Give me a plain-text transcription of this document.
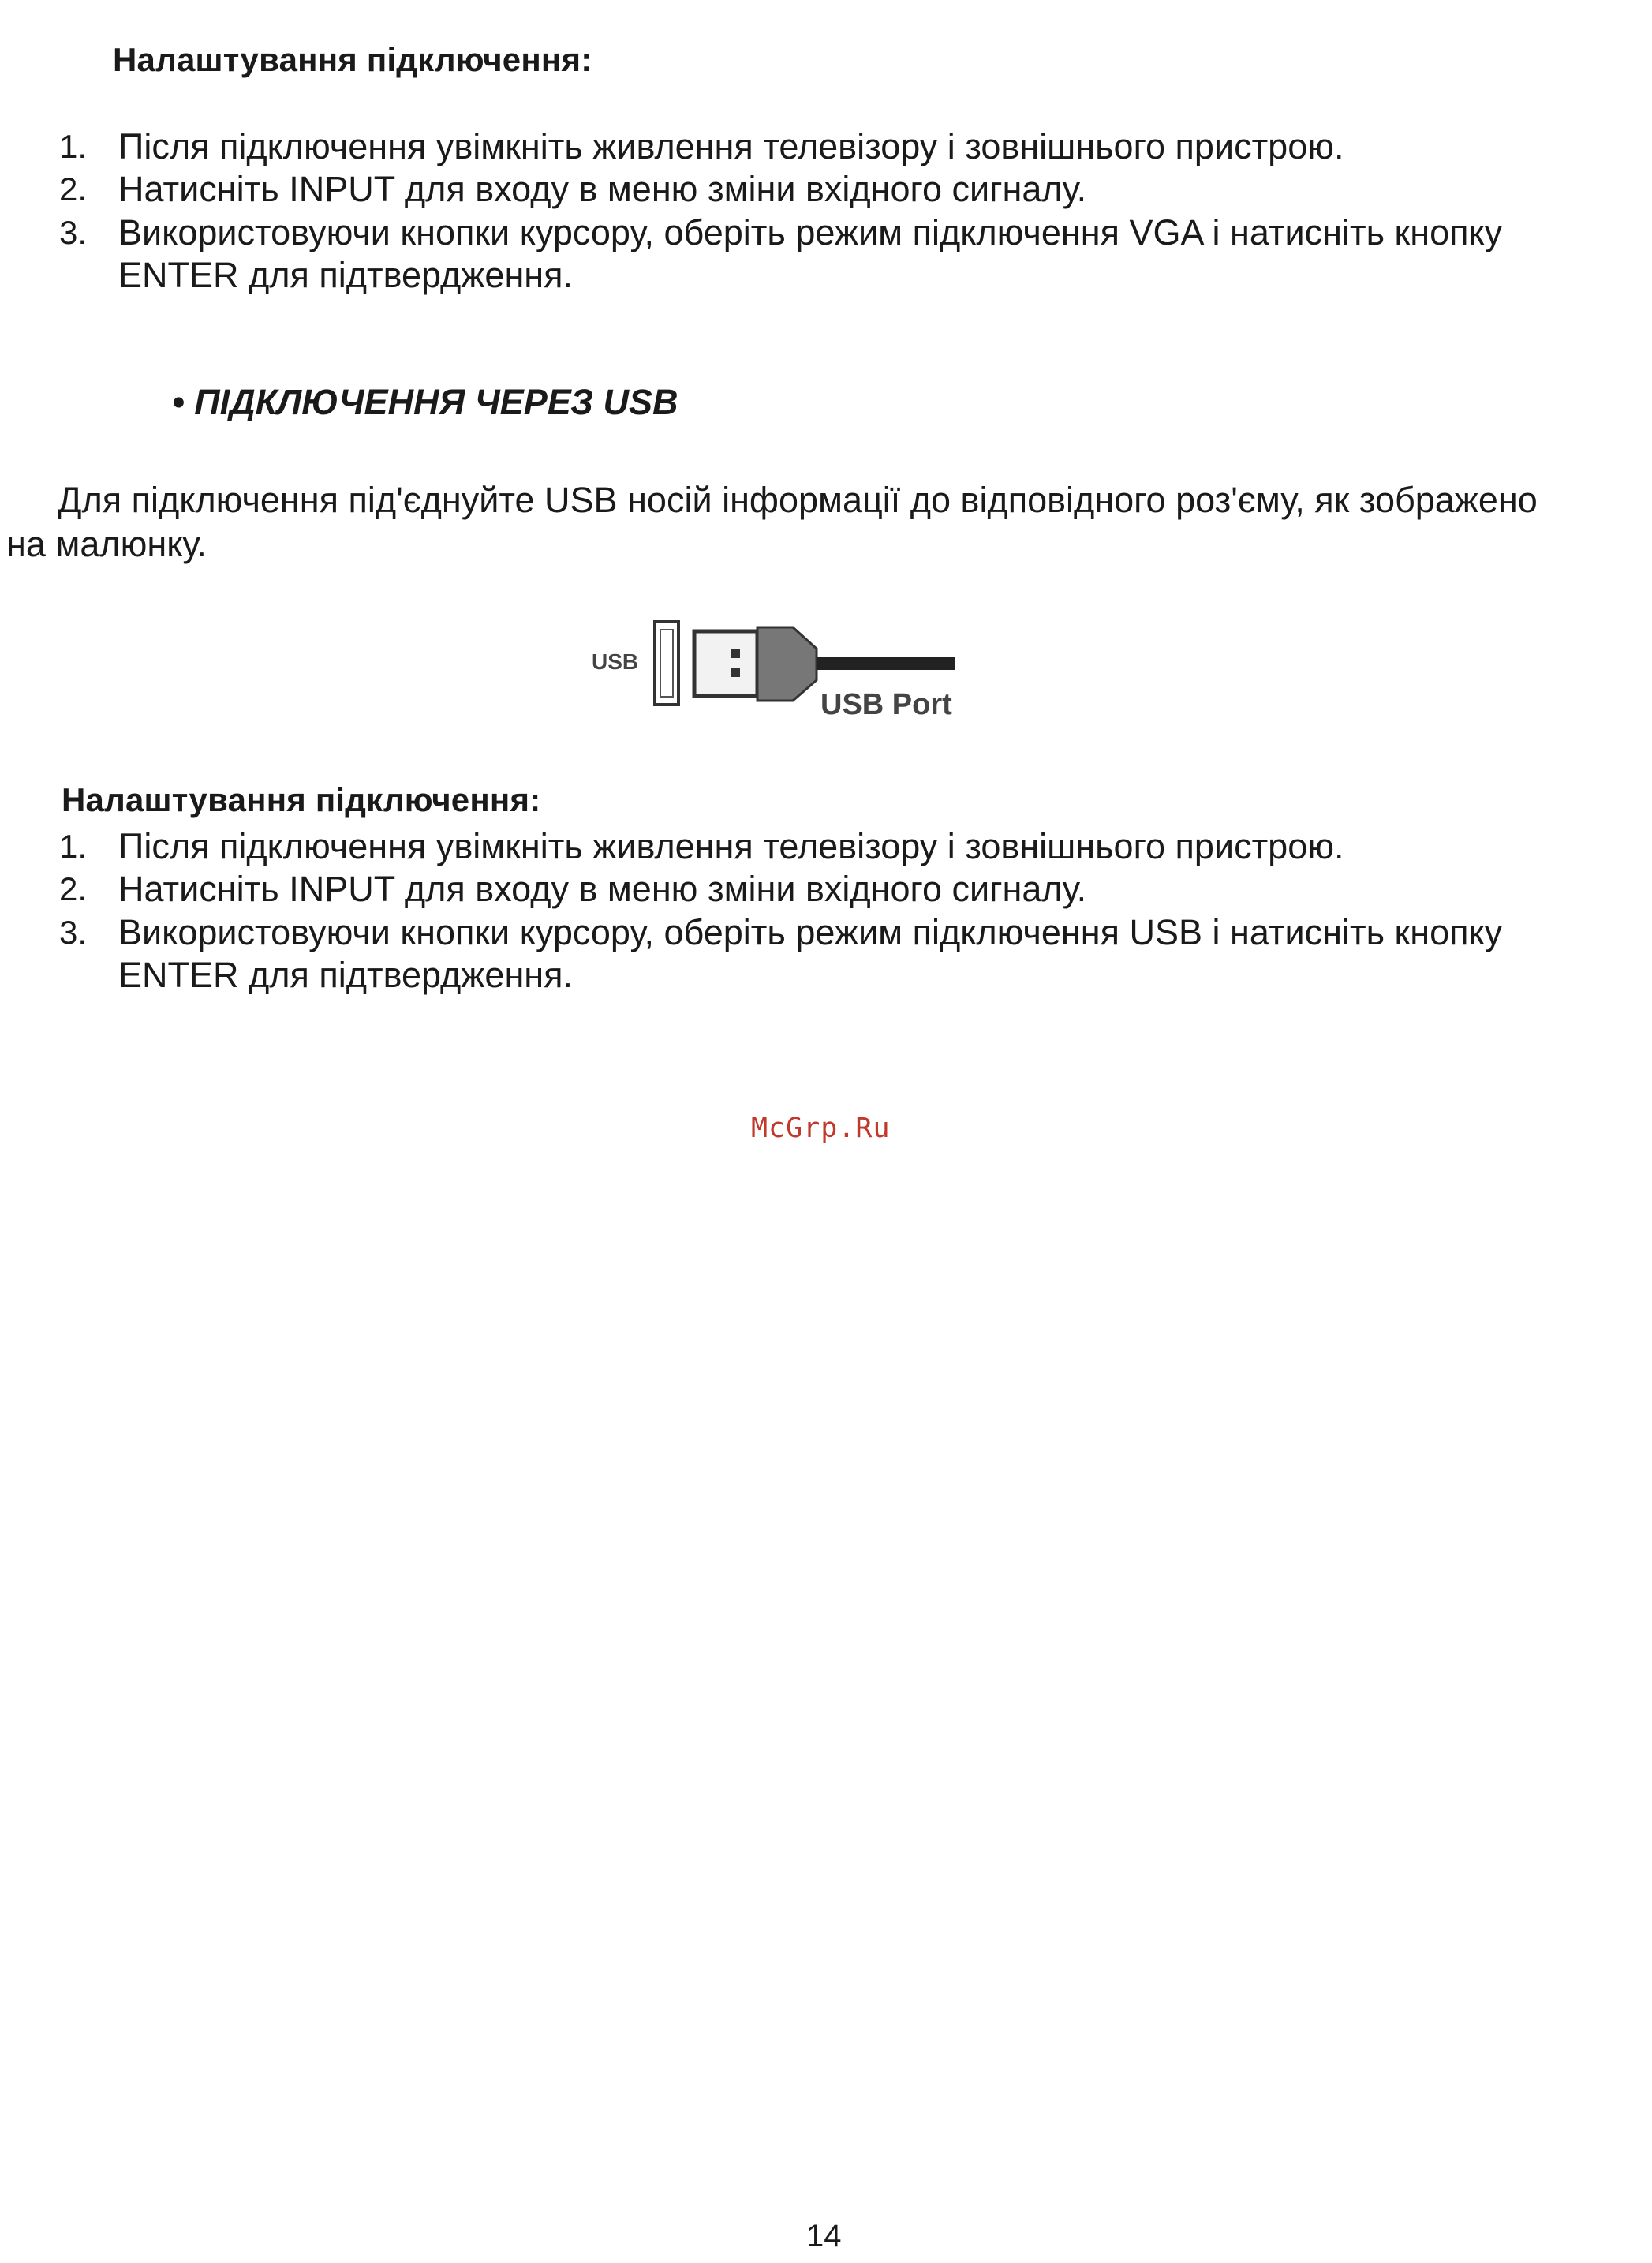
Налаштування підключення:
1. Після підключення увімкніть живлення телевізору і зовнішнього пристрою.
2. Натисніть INPUT для входу в меню зміни вхідного сигналу.
3. Використовуючи кнопки курсору, оберіть режим підключення VGA і натисніть кнопку
ENTER для підтвердження.
• ПІДКЛЮЧЕННЯ ЧЕРЕЗ USB
Для підключення під'єднуйте USB носій інформації до відповідного роз'єму, як зображено
на малюнку.
USB
USB Port
Налаштування підключення:
1. Після підключення увімкніть живлення телевізору і зовнішнього пристрою.
2. Натисніть INPUT для входу в меню зміни вхідного сигналу.
3. Використовуючи кнопки курсору, оберіть режим підключення USB і натисніть кнопку
ENTER для підтвердження.
McGrp.Ru
14
